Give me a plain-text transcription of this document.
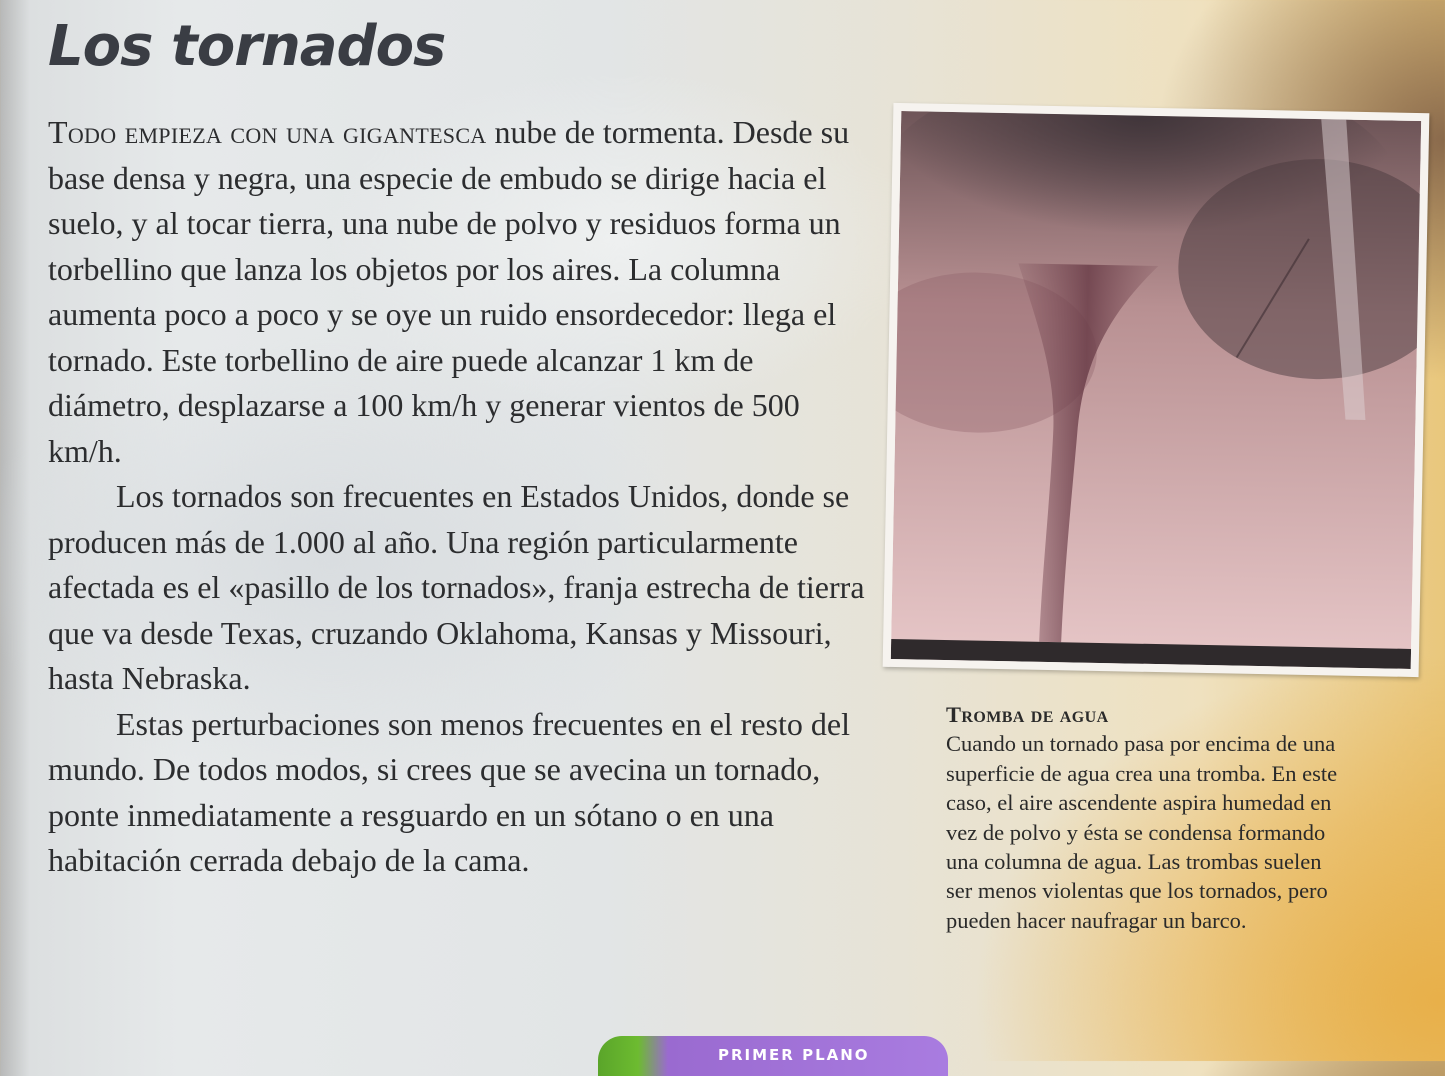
Los tornados

Todo empieza con una gigantesca nube de tormenta. Desde su base densa y negra, una especie de embudo se dirige hacia el suelo, y al tocar tierra, una nube de polvo y residuos forma un torbellino que lanza los objetos por los aires. La columna aumenta poco a poco y se oye un ruido ensordecedor: llega el tornado. Este torbellino de aire puede alcanzar 1 km de diámetro, desplazarse a 100 km/h y generar vientos de 500 km/h.

Los tornados son frecuentes en Estados Unidos, donde se producen más de 1.000 al año. Una región particularmente afectada es el «pasillo de los tornados», franja estrecha de tierra que va desde Texas, cruzando Oklahoma, Kansas y Missouri, hasta Nebraska.

Estas perturbaciones son menos frecuentes en el resto del mundo. De todos modos, si crees que se avecina un tornado, ponte inmediatamente a resguardo en un sótano o en una habitación cerrada debajo de la cama.

Tromba de agua
Cuando un tornado pasa por encima de una superficie de agua crea una tromba. En este caso, el aire ascendente aspira humedad en vez de polvo y ésta se condensa formando una columna de agua. Las trombas suelen ser menos violentas que los tornados, pero pueden hacer naufragar un barco.
PRIMER PLANO
